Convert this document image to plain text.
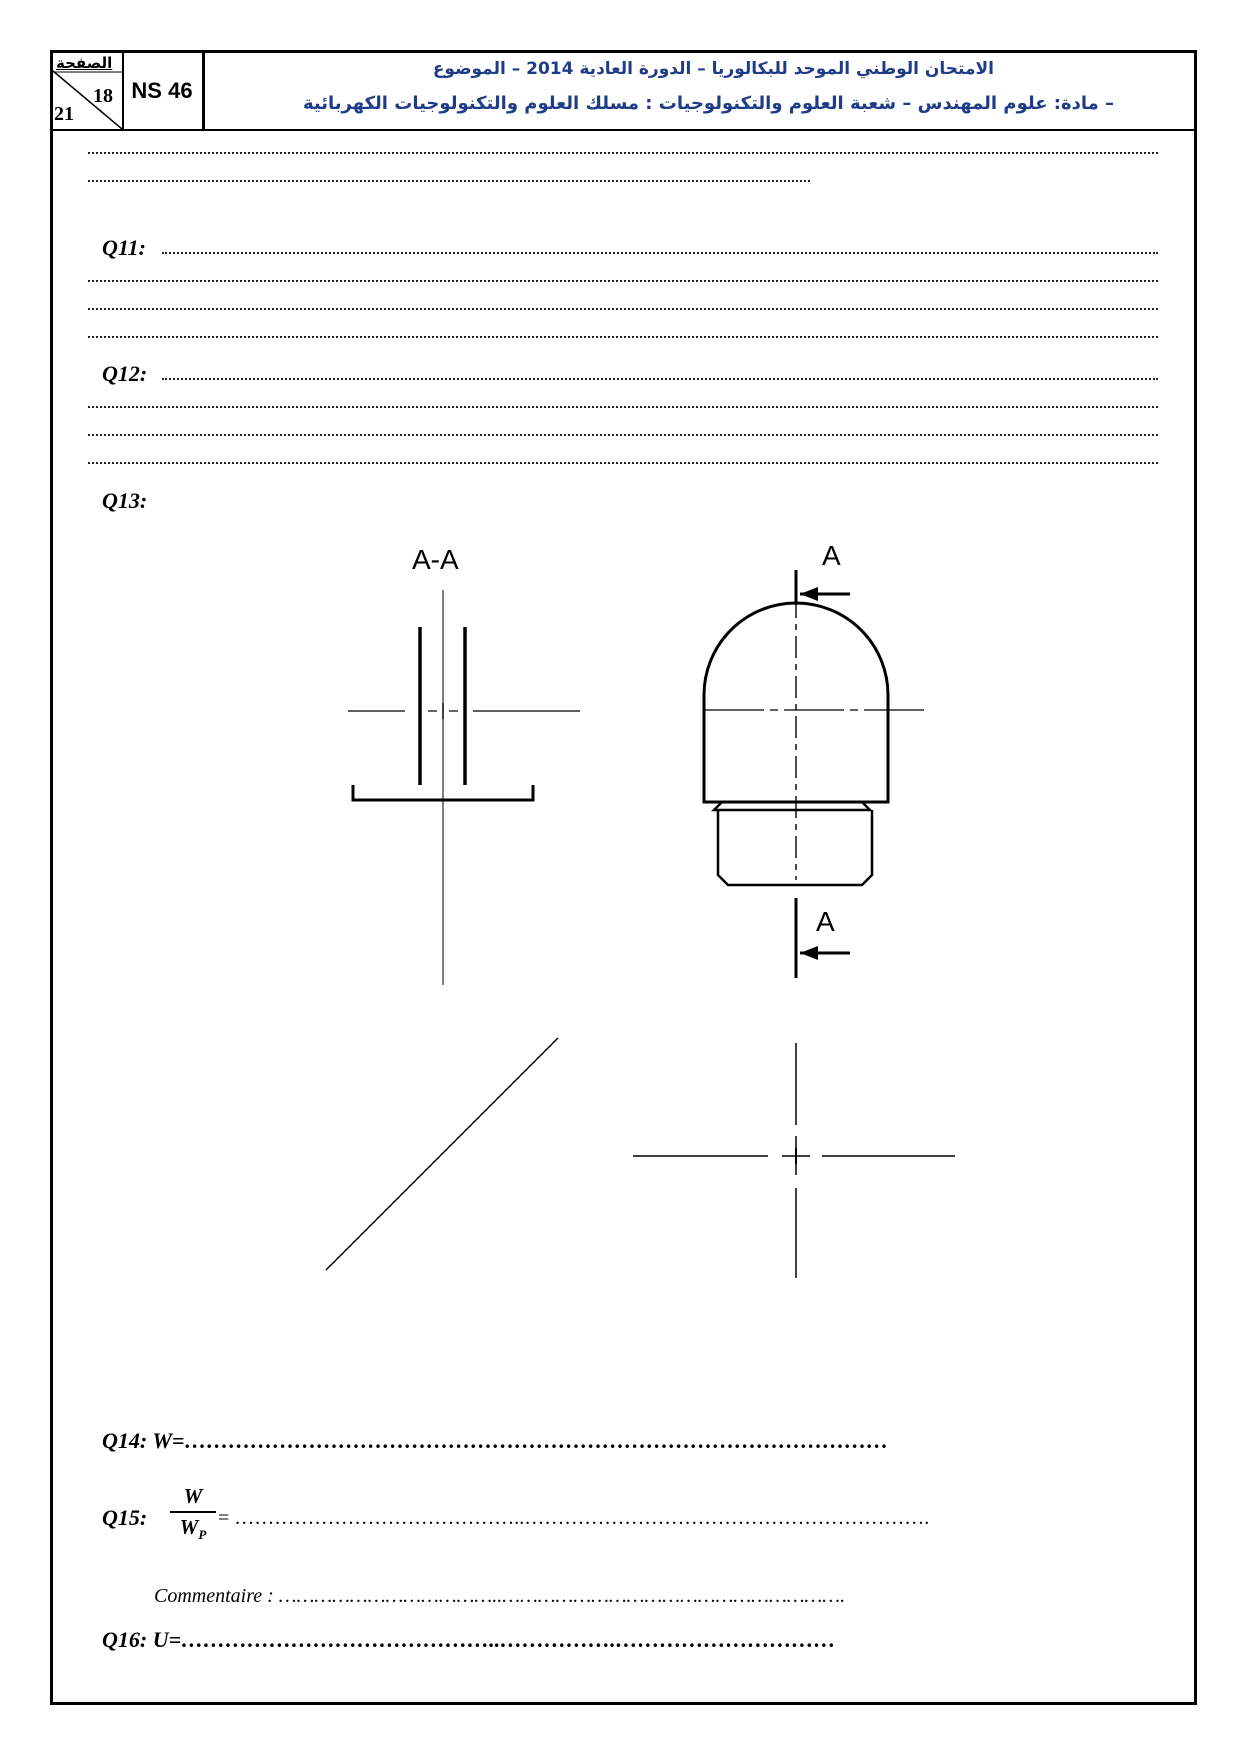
الصفحة
18
21
NS 46
الامتحان الوطني الموحد للبكالوريا – الدورة العادية 2014 – الموضوع
– مادة: علوم المهندس – شعبة العلوم والتكنولوجيات : مسلك العلوم والتكنولوجيات الكهربائية
Q11:
Q12:
Q13:
A-A	A
A
Q14: W=……………………………………………………………………………………
Q15:
W
$W_P$
= ……………………………………..…………………………………………………….
Commentaire : ………………………………..………………………………………………….
Q16: U=……………………………………..…………….…………………………
